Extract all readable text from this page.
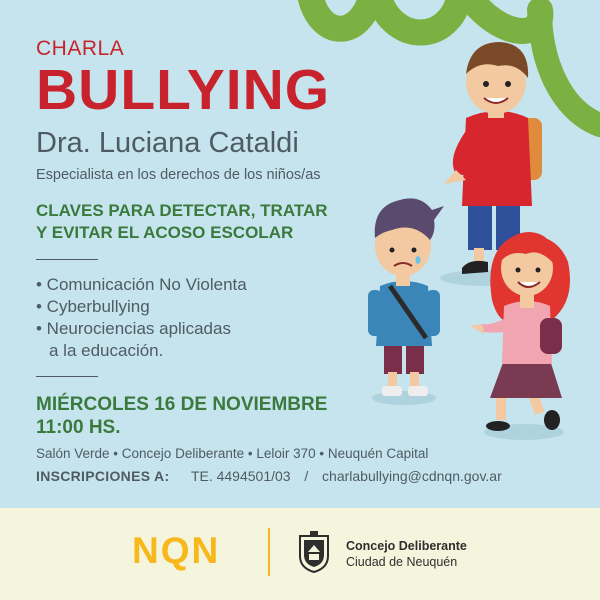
CHARLA
BULLYING
Dra. Luciana Cataldi
Especialista en los derechos de los niños/as
CLAVES PARA DETECTAR, TRATAR
Y EVITAR EL ACOSO ESCOLAR
• Comunicación No Violenta
• Cyberbullying
• Neurociencias aplicadas
a la educación.
MIÉRCOLES 16 DE NOVIEMBRE
11:00 HS.
Salón Verde • Concejo Deliberante • Leloir 370 • Neuquén Capital
INSCRIPCIONES A: TE. 4494501/03 / charlabullying@cdnqn.gov.ar
NQN	Concejo Deliberante
Ciudad de Neuquén
